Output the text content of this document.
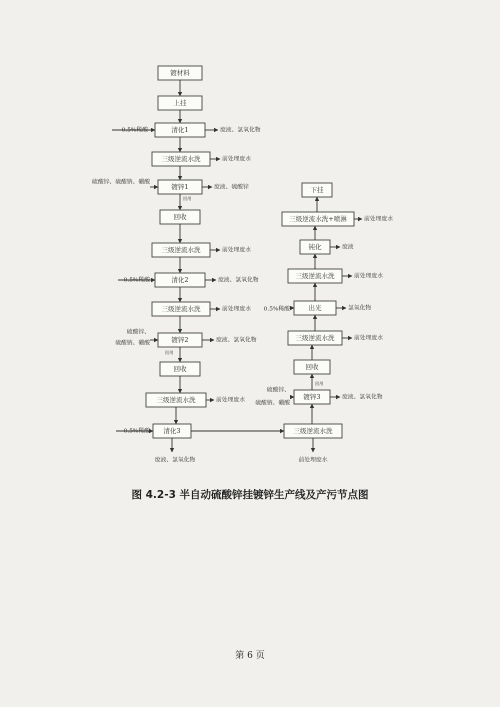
镀材料
上挂
清化1
0.5%稀酸	废液、氯氧化物
三级逆流水洗	前处理废水
镀锌1
硫酸锌、硫酸钠、硼酸
废液、硫酸锌
回用
回收
三级逆流水洗	前处理废水
清化2
0.5%稀酸	废液、氯氧化物
三级逆流水洗	前处理废水
镀锌2
硫酸锌、
硫酸钠、硼酸	废液、氯氧化物
回用
回收
三级逆流水洗	前处理废水
清化3
0.5%稀酸
废液、氯氧化物
下挂
三级逆流水洗+喷淋	前处理废水
钝化	废液
三级逆流水洗	前处理废水
出光
0.5%稀酸	氯氧化物
三级逆流水洗	前处理废水
回收
镀锌3
回用
硫酸锌、
硫酸钠、硼酸
废液、氯氧化物
三级逆流水洗
前处理废水
图 4.2-3 半自动硫酸锌挂镀锌生产线及产污节点图
第 6 页
